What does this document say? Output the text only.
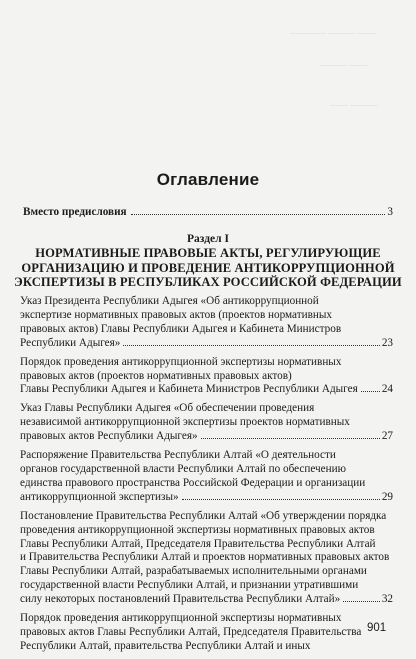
———— ——— ——
——— ——
—— ———
Оглавление
Вместо предисловия	3
Раздел I
НОРМАТИВНЫЕ ПРАВОВЫЕ АКТЫ, РЕГУЛИРУЮЩИЕ
ОРГАНИЗАЦИЮ И ПРОВЕДЕНИЕ АНТИКОРРУПЦИОННОЙ
ЭКСПЕРТИЗЫ В РЕСПУБЛИКАХ РОССИЙСКОЙ ФЕДЕРАЦИИ
Указ Президента Республики Адыгея «Об антикоррупционной
экспертизе нормативных правовых актов (проектов нормативных
правовых актов) Главы Республики Адыгея и Кабинета Министров
Республики Адыгея»	23
Порядок проведения антикоррупционной экспертизы нормативных
правовых актов (проектов нормативных правовых актов)
Главы Республики Адыгея и Кабинета Министров Республики Адыгея 24
Указ Главы Республики Адыгея «Об обеспечении проведения
независимой антикоррупционной экспертизы проектов нормативных
правовых актов Республики Адыгея»	27
Распоряжение Правительства Республики Алтай «О деятельности
органов государственной власти Республики Алтай по обеспечению
единства правового пространства Российской Федерации и организации
антикоррупционной экспертизы»	29
Постановление Правительства Республики Алтай «Об утверждении порядка
проведения антикоррупционной экспертизы нормативных правовых актов
Главы Республики Алтай, Председателя Правительства Республики Алтай
и Правительства Республики Алтай и проектов нормативных правовых актов
Главы Республики Алтай, разрабатываемых исполнительными органами
государственной власти Республики Алтай, и признании утратившими
силу некоторых постановлений Правительства Республики Алтай»	32
Порядок проведения антикоррупционной экспертизы нормативных
правовых актов Главы Республики Алтай, Председателя Правительства
Республики Алтай, правительства Республики Алтай и иных
901
